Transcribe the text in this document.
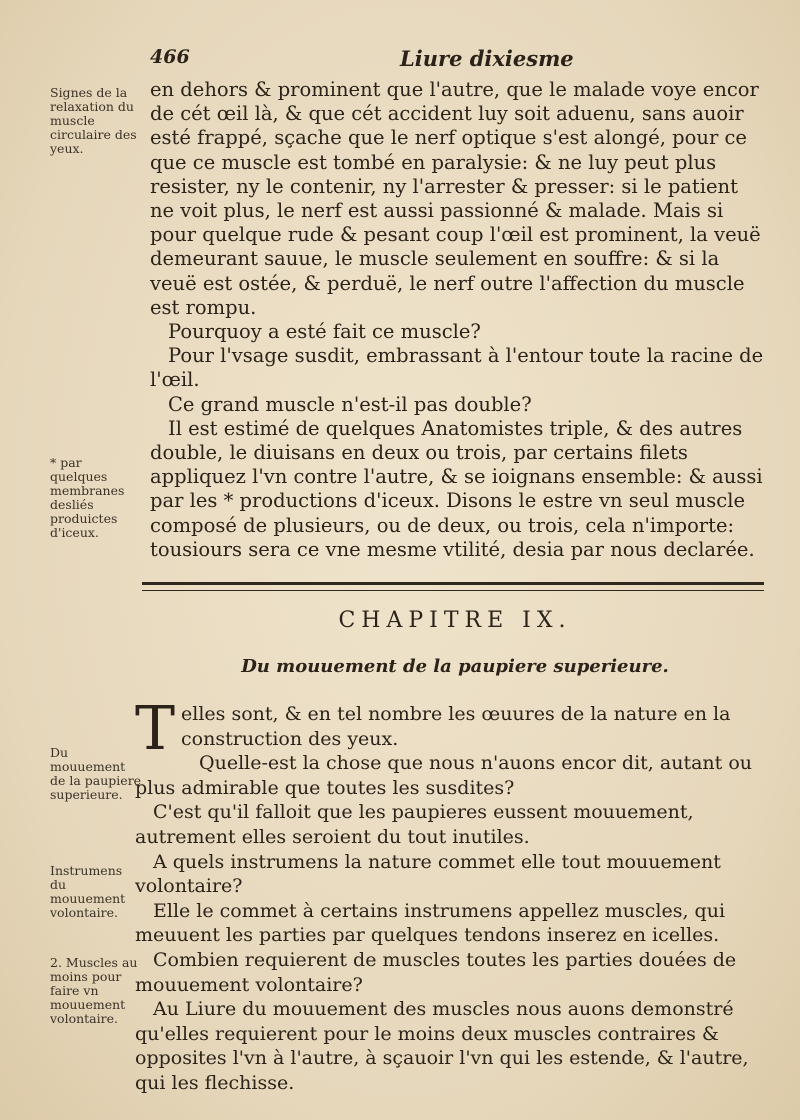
466	Liure dixiesme
Signes de la relaxation du muscle circulaire des yeux.
* par quelques membranes desliés produictes d'iceux.
Du mouuement de la paupiere superieure.
Instrumens du mouuement volontaire.
2. Muscles au moins pour faire vn mouuement volontaire.

en dehors & prominent que l'autre, que le malade voye encor de cét œil là, & que cét accident luy soit aduenu, sans auoir esté frappé, sçache que le nerf optique s'est alongé, pour ce que ce muscle est tombé en paralysie: & ne luy peut plus resister, ny le contenir, ny l'arrester & presser: si le patient ne voit plus, le nerf est aussi passionné & malade. Mais si pour quelque rude & pesant coup l'œil est prominent, la veuë demeurant sauue, le muscle seulement en souffre: & si la veuë est ostée, & perduë, le nerf outre l'affection du muscle est rompu.

Pourquoy a esté fait ce muscle?

Pour l'vsage susdit, embrassant à l'entour toute la racine de l'œil.

Ce grand muscle n'est-il pas double?

Il est estimé de quelques Anatomistes triple, & des autres double, le diuisans en deux ou trois, par certains filets appliquez l'vn contre l'autre, & se ioignans ensemble: & aussi par les * productions d'iceux. Disons le estre vn seul muscle composé de plusieurs, ou de deux, ou trois, cela n'importe: tousiours sera ce vne mesme vtilité, desia par nous declarée.

CHAPITRE IX.
Du mouuement de la paupiere superieure.

Telles sont, & en tel nombre les œuures de la nature en la construction des yeux.

Quelle-est la chose que nous n'auons encor dit, autant ou plus admirable que toutes les susdites?

C'est qu'il falloit que les paupieres eussent mouuement, autrement elles seroient du tout inutiles.

A quels instrumens la nature commet elle tout mouuement volontaire?

Elle le commet à certains instrumens appellez muscles, qui meuuent les parties par quelques tendons inserez en icelles.

Combien requierent de muscles toutes les parties douées de mouuement volontaire?

Au Liure du mouuement des muscles nous auons demonstré qu'elles requierent pour le moins deux muscles contraires & opposites l'vn à l'autre, à sçauoir l'vn qui les estende, & l'autre, qui les flechisse.
